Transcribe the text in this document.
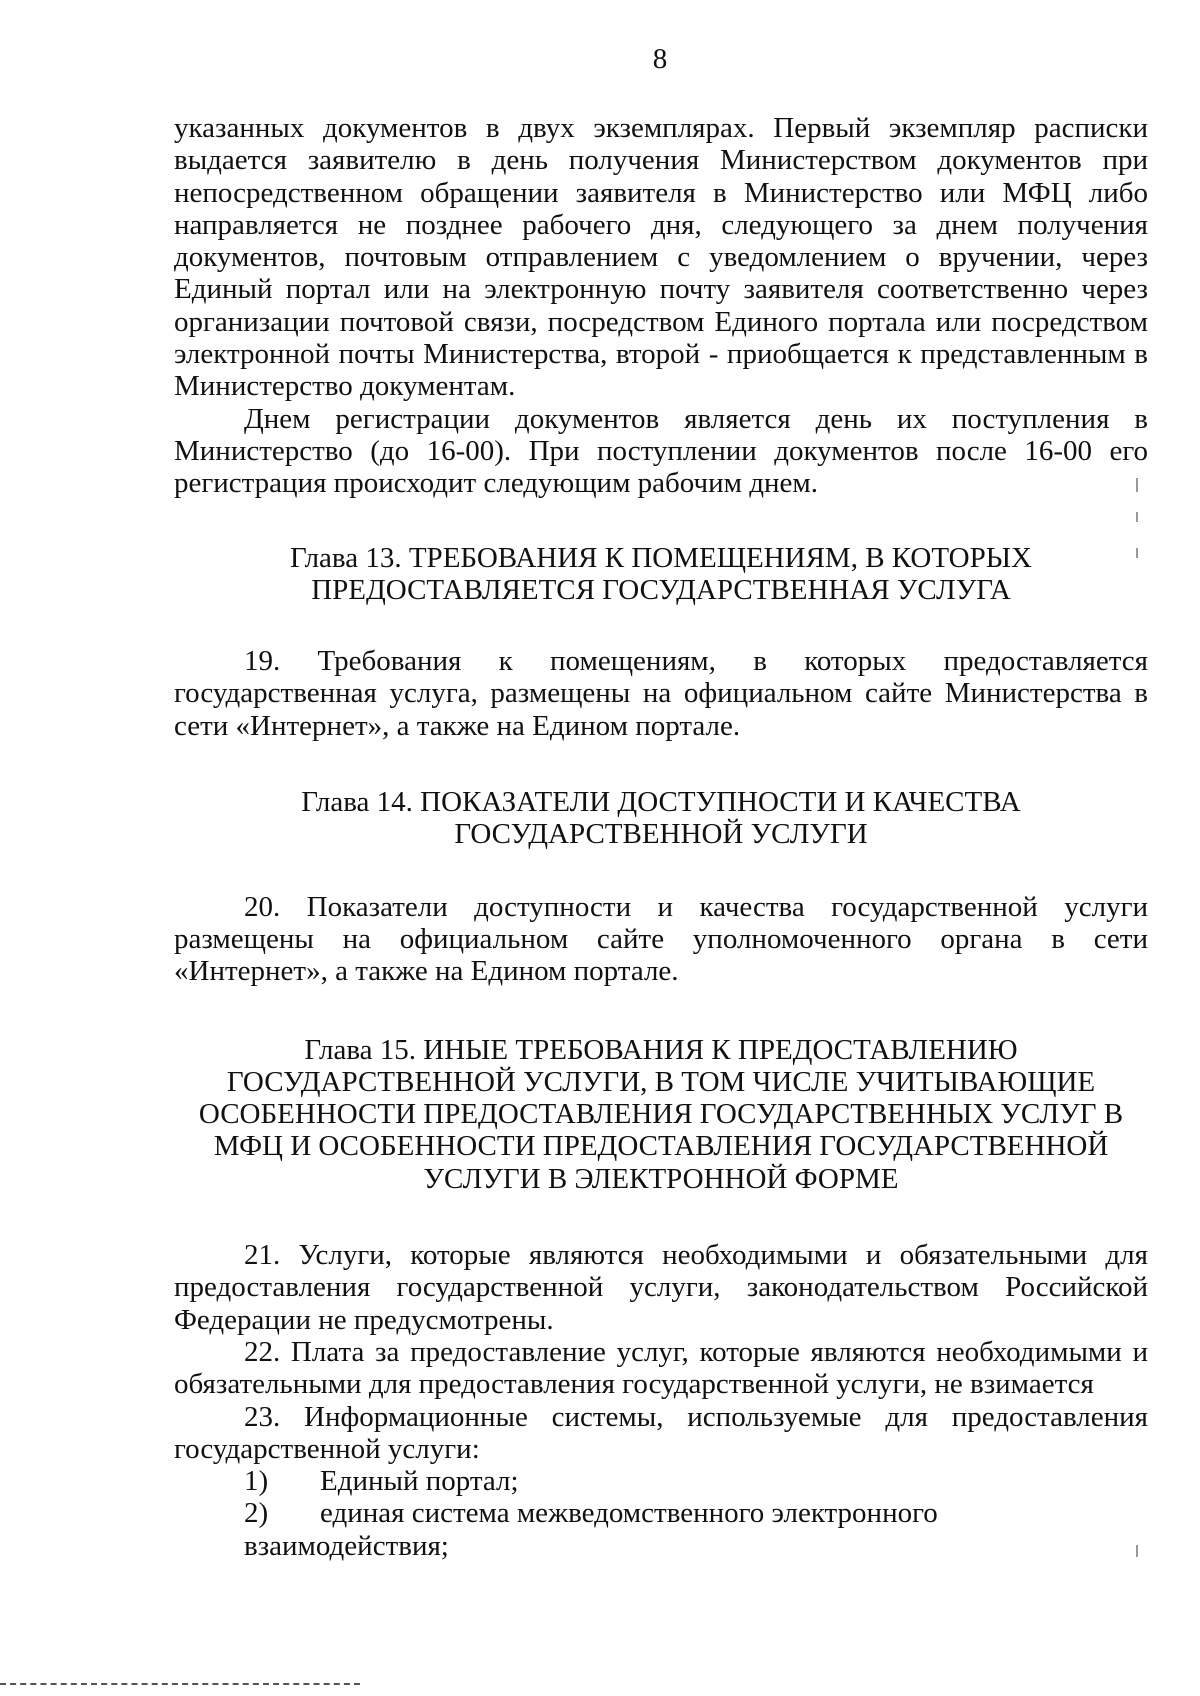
8

указанных документов в двух экземплярах. Первый экземпляр расписки выдается заявителю в день получения Министерством документов при непосредственном обращении заявителя в Министерство или МФЦ либо направляется не позднее рабочего дня, следующего за днем получения документов, почтовым отправлением с уведомлением о вручении, через Единый портал или на электронную почту заявителя соответственно через организации почтовой связи, посредством Единого портала или посредством электронной почты Министерства, второй - приобщается к представленным в Министерство документам.

Днем регистрации документов является день их поступления в Министерство (до 16-00). При поступлении документов после 16-00 его регистрация происходит следующим рабочим днем.

Глава 13. ТРЕБОВАНИЯ К ПОМЕЩЕНИЯМ, В КОТОРЫХ
ПРЕДОСТАВЛЯЕТСЯ ГОСУДАРСТВЕННАЯ УСЛУГА

19. Требования к помещениям, в которых предоставляется государственная услуга, размещены на официальном сайте Министерства в сети «Интернет», а также на Едином портале.

Глава 14. ПОКАЗАТЕЛИ ДОСТУПНОСТИ И КАЧЕСТВА
ГОСУДАРСТВЕННОЙ УСЛУГИ

20. Показатели доступности и качества государственной услуги размещены на официальном сайте уполномоченного органа в сети «Интернет», а также на Едином портале.

Глава 15. ИНЫЕ ТРЕБОВАНИЯ К ПРЕДОСТАВЛЕНИЮ
ГОСУДАРСТВЕННОЙ УСЛУГИ, В ТОМ ЧИСЛЕ УЧИТЫВАЮЩИЕ
ОСОБЕННОСТИ ПРЕДОСТАВЛЕНИЯ ГОСУДАРСТВЕННЫХ УСЛУГ В
МФЦ И ОСОБЕННОСТИ ПРЕДОСТАВЛЕНИЯ ГОСУДАРСТВЕННОЙ
УСЛУГИ В ЭЛЕКТРОННОЙ ФОРМЕ

21. Услуги, которые являются необходимыми и обязательными для предоставления государственной услуги, законодательством Российской Федерации не предусмотрены.

22. Плата за предоставление услуг, которые являются необходимыми и обязательными для предоставления государственной услуги, не взимается

23. Информационные системы, используемые для предоставления государственной услуги:

1) Единый портал;

2) единая система межведомственного электронного взаимодействия;
